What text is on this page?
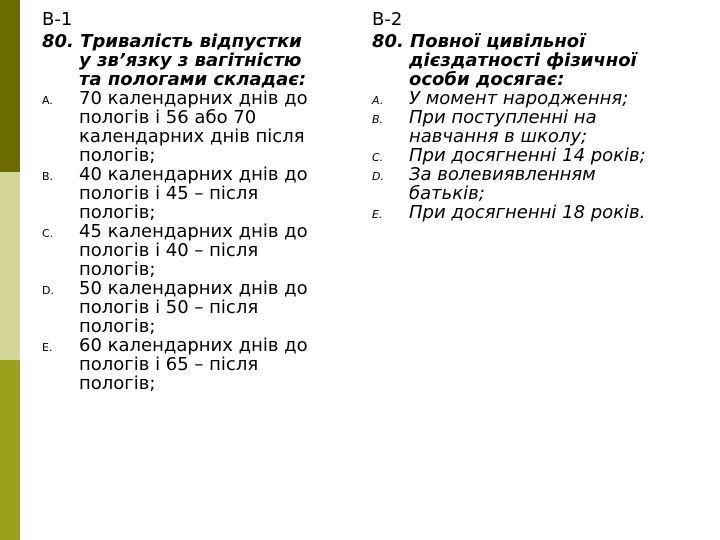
В-1
80. Тривалість відпустки
у зв’язку з вагітністю
та пологами складає:
A. 70 календарних днів до
пологів і 56 або 70
календарних днів після
пологів;
B. 40 календарних днів до
пологів і 45 – після
пологів;
C. 45 календарних днів до
пологів і 40 – після
пологів;
D. 50 календарних днів до
пологів і 50 – після
пологів;
E. 60 календарних днів до
пологів і 65 – після
пологів;
В-2
80. Повної цивільної
дієздатності фізичної
особи досягає:
A. У момент народження;
B. При поступленні на
навчання в школу;
C. При досягненні 14 років;
D. За волевиявленням
батьків;
E. При досягненні 18 років.
